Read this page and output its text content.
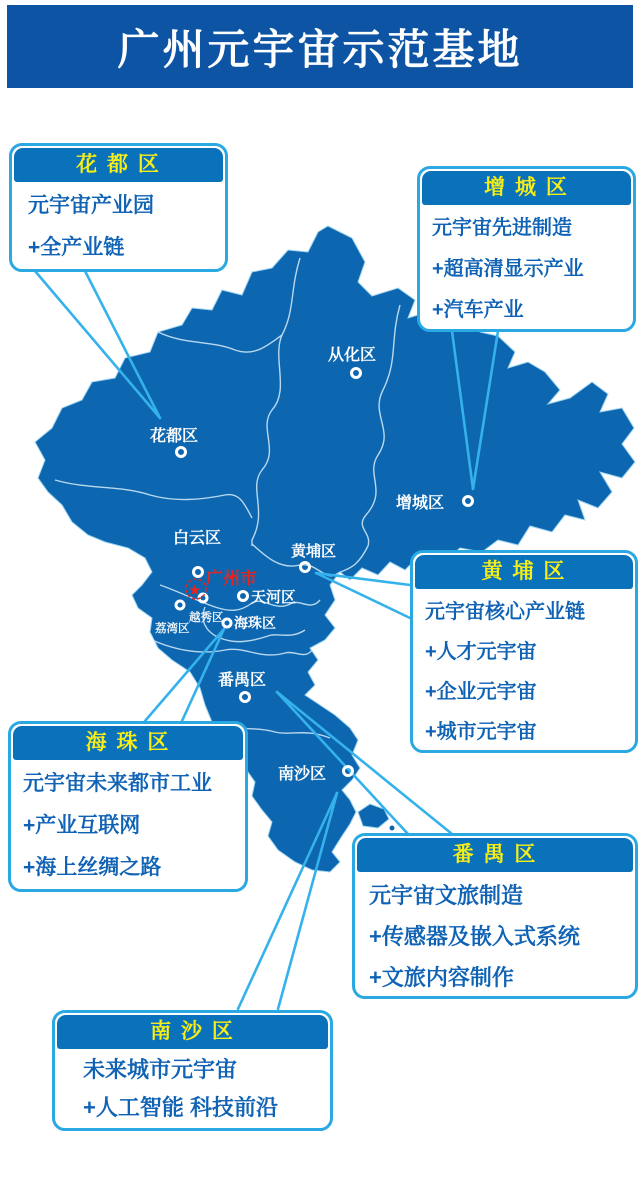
广州元宇宙示范基地
★
从化区
花都区
白云区
增城区
黄埔区
天河区
越秀区
荔湾区	海珠区
番禺区
南沙区
广州市
花 都 区
元宇宙产业园
+全产业链
增 城 区
元宇宙先进制造
+超高清显示产业
+汽车产业
黄 埔 区
元宇宙核心产业链
+人才元宇宙
+企业元宇宙
+城市元宇宙
海 珠 区
元宇宙未来都市工业
+产业互联网
+海上丝绸之路
番 禺 区
元宇宙文旅制造
+传感器及嵌入式系统
+文旅内容制作
南 沙 区
未来城市元宇宙
+人工智能 科技前沿
